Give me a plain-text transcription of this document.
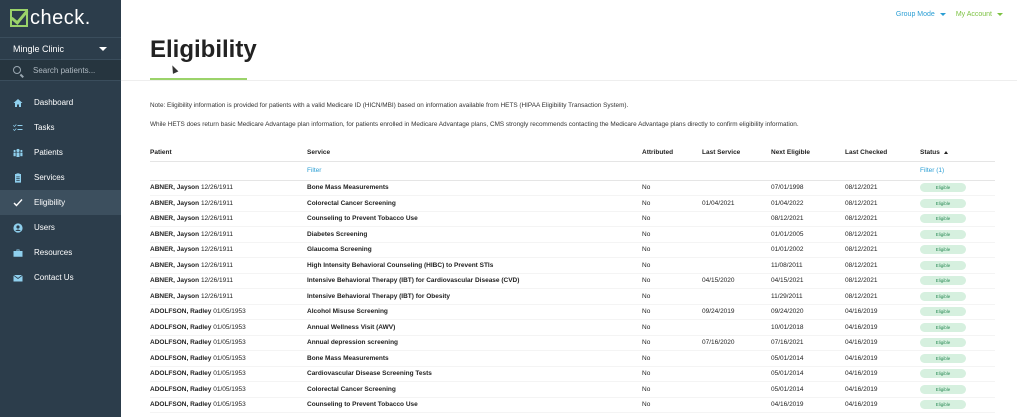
check.
Mingle Clinic
Search patients...
Dashboard
Tasks
Patients
Services
Eligibility
Users
Resources
Contact Us
Group Mode	My Account
Eligibility

Note: Eligibility information is provided for patients with a valid Medicare ID (HICN/MBI) based on information available from HETS (HIPAA Eligibility Transaction System).

While HETS does return basic Medicare Advantage plan information, for patients enrolled in Medicare Advantage plans, CMS strongly recommends contacting the Medicare Advantage plans directly to confirm eligibility information.

Patient	Service	Attributed	Last Service	Next Eligible	Last Checked	Status
	Filter					Filter (1)
ABNER, Jayson 12/26/1911	Bone Mass Measurements	No		07/01/1998	08/12/2021	Eligible
ABNER, Jayson 12/26/1911	Colorectal Cancer Screening	No	01/04/2021	01/04/2022	08/12/2021	Eligible
ABNER, Jayson 12/26/1911	Counseling to Prevent Tobacco Use	No		08/12/2021	08/12/2021	Eligible
ABNER, Jayson 12/26/1911	Diabetes Screening	No		01/01/2005	08/12/2021	Eligible
ABNER, Jayson 12/26/1911	Glaucoma Screening	No		01/01/2002	08/12/2021	Eligible
ABNER, Jayson 12/26/1911	High Intensity Behavioral Counseling (HIBC) to Prevent STIs	No		11/08/2011	08/12/2021	Eligible
ABNER, Jayson 12/26/1911	Intensive Behavioral Therapy (IBT) for Cardiovascular Disease (CVD)	No	04/15/2020	04/15/2021	08/12/2021	Eligible
ABNER, Jayson 12/26/1911	Intensive Behavioral Therapy (IBT) for Obesity	No		11/29/2011	08/12/2021	Eligible
ADOLFSON, Radley 01/05/1953	Alcohol Misuse Screening	No	09/24/2019	09/24/2020	04/16/2019	Eligible
ADOLFSON, Radley 01/05/1953	Annual Wellness Visit (AWV)	No		10/01/2018	04/16/2019	Eligible
ADOLFSON, Radley 01/05/1953	Annual depression screening	No	07/16/2020	07/16/2021	04/16/2019	Eligible
ADOLFSON, Radley 01/05/1953	Bone Mass Measurements	No		05/01/2014	04/16/2019	Eligible
ADOLFSON, Radley 01/05/1953	Cardiovascular Disease Screening Tests	No		05/01/2014	04/16/2019	Eligible
ADOLFSON, Radley 01/05/1953	Colorectal Cancer Screening	No		05/01/2014	04/16/2019	Eligible
ADOLFSON, Radley 01/05/1953	Counseling to Prevent Tobacco Use	No		04/16/2019	04/16/2019	Eligible
